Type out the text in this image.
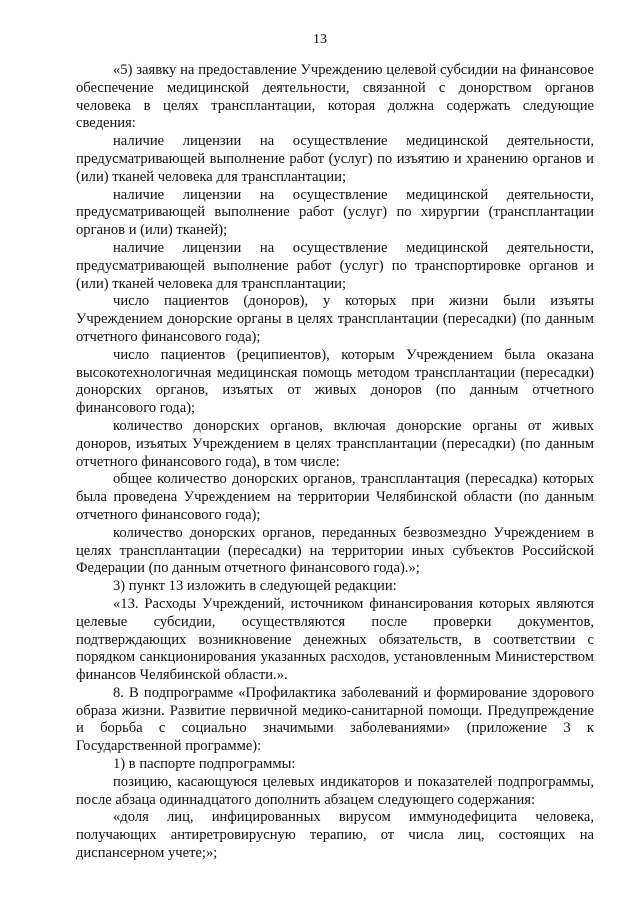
13

«5) заявку на предоставление Учреждению целевой субсидии на финансовое обеспечение медицинской деятельности, связанной с донорством органов человека в целях трансплантации, которая должна содержать следующие сведения:

наличие лицензии на осуществление медицинской деятельности, предусматривающей выполнение работ (услуг) по изъятию и хранению органов и (или) тканей человека для трансплантации;

наличие лицензии на осуществление медицинской деятельности, предусматривающей выполнение работ (услуг) по хирургии (трансплантации органов и (или) тканей);

наличие лицензии на осуществление медицинской деятельности, предусматривающей выполнение работ (услуг) по транспортировке органов и (или) тканей человека для трансплантации;

число пациентов (доноров), у которых при жизни были изъяты Учреждением донорские органы в целях трансплантации (пересадки) (по данным отчетного финансового года);

число пациентов (реципиентов), которым Учреждением была оказана высокотехнологичная медицинская помощь методом трансплантации (пересадки) донорских органов, изъятых от живых доноров (по данным отчетного финансового года);

количество донорских органов, включая донорские органы от живых доноров, изъятых Учреждением в целях трансплантации (пересадки) (по данным отчетного финансового года), в том числе:

общее количество донорских органов, трансплантация (пересадка) которых была проведена Учреждением на территории Челябинской области (по данным отчетного финансового года);

количество донорских органов, переданных безвозмездно Учреждением в целях трансплантации (пересадки) на территории иных субъектов Российской Федерации (по данным отчетного финансового года).»;

3) пункт 13 изложить в следующей редакции:

«13. Расходы Учреждений, источником финансирования которых являются целевые субсидии, осуществляются после проверки документов, подтверждающих возникновение денежных обязательств, в соответствии с порядком санкционирования указанных расходов, установленным Министерством финансов Челябинской области.».

8. В подпрограмме «Профилактика заболеваний и формирование здорового образа жизни. Развитие первичной медико-санитарной помощи. Предупреждение и борьба с социально значимыми заболеваниями» (приложение 3 к Государственной программе):

1) в паспорте подпрограммы:

позицию, касающуюся целевых индикаторов и показателей подпрограммы, после абзаца одиннадцатого дополнить абзацем следующего содержания:

«доля лиц, инфицированных вирусом иммунодефицита человека, получающих антиретровирусную терапию, от числа лиц, состоящих на диспансерном учете;»;
